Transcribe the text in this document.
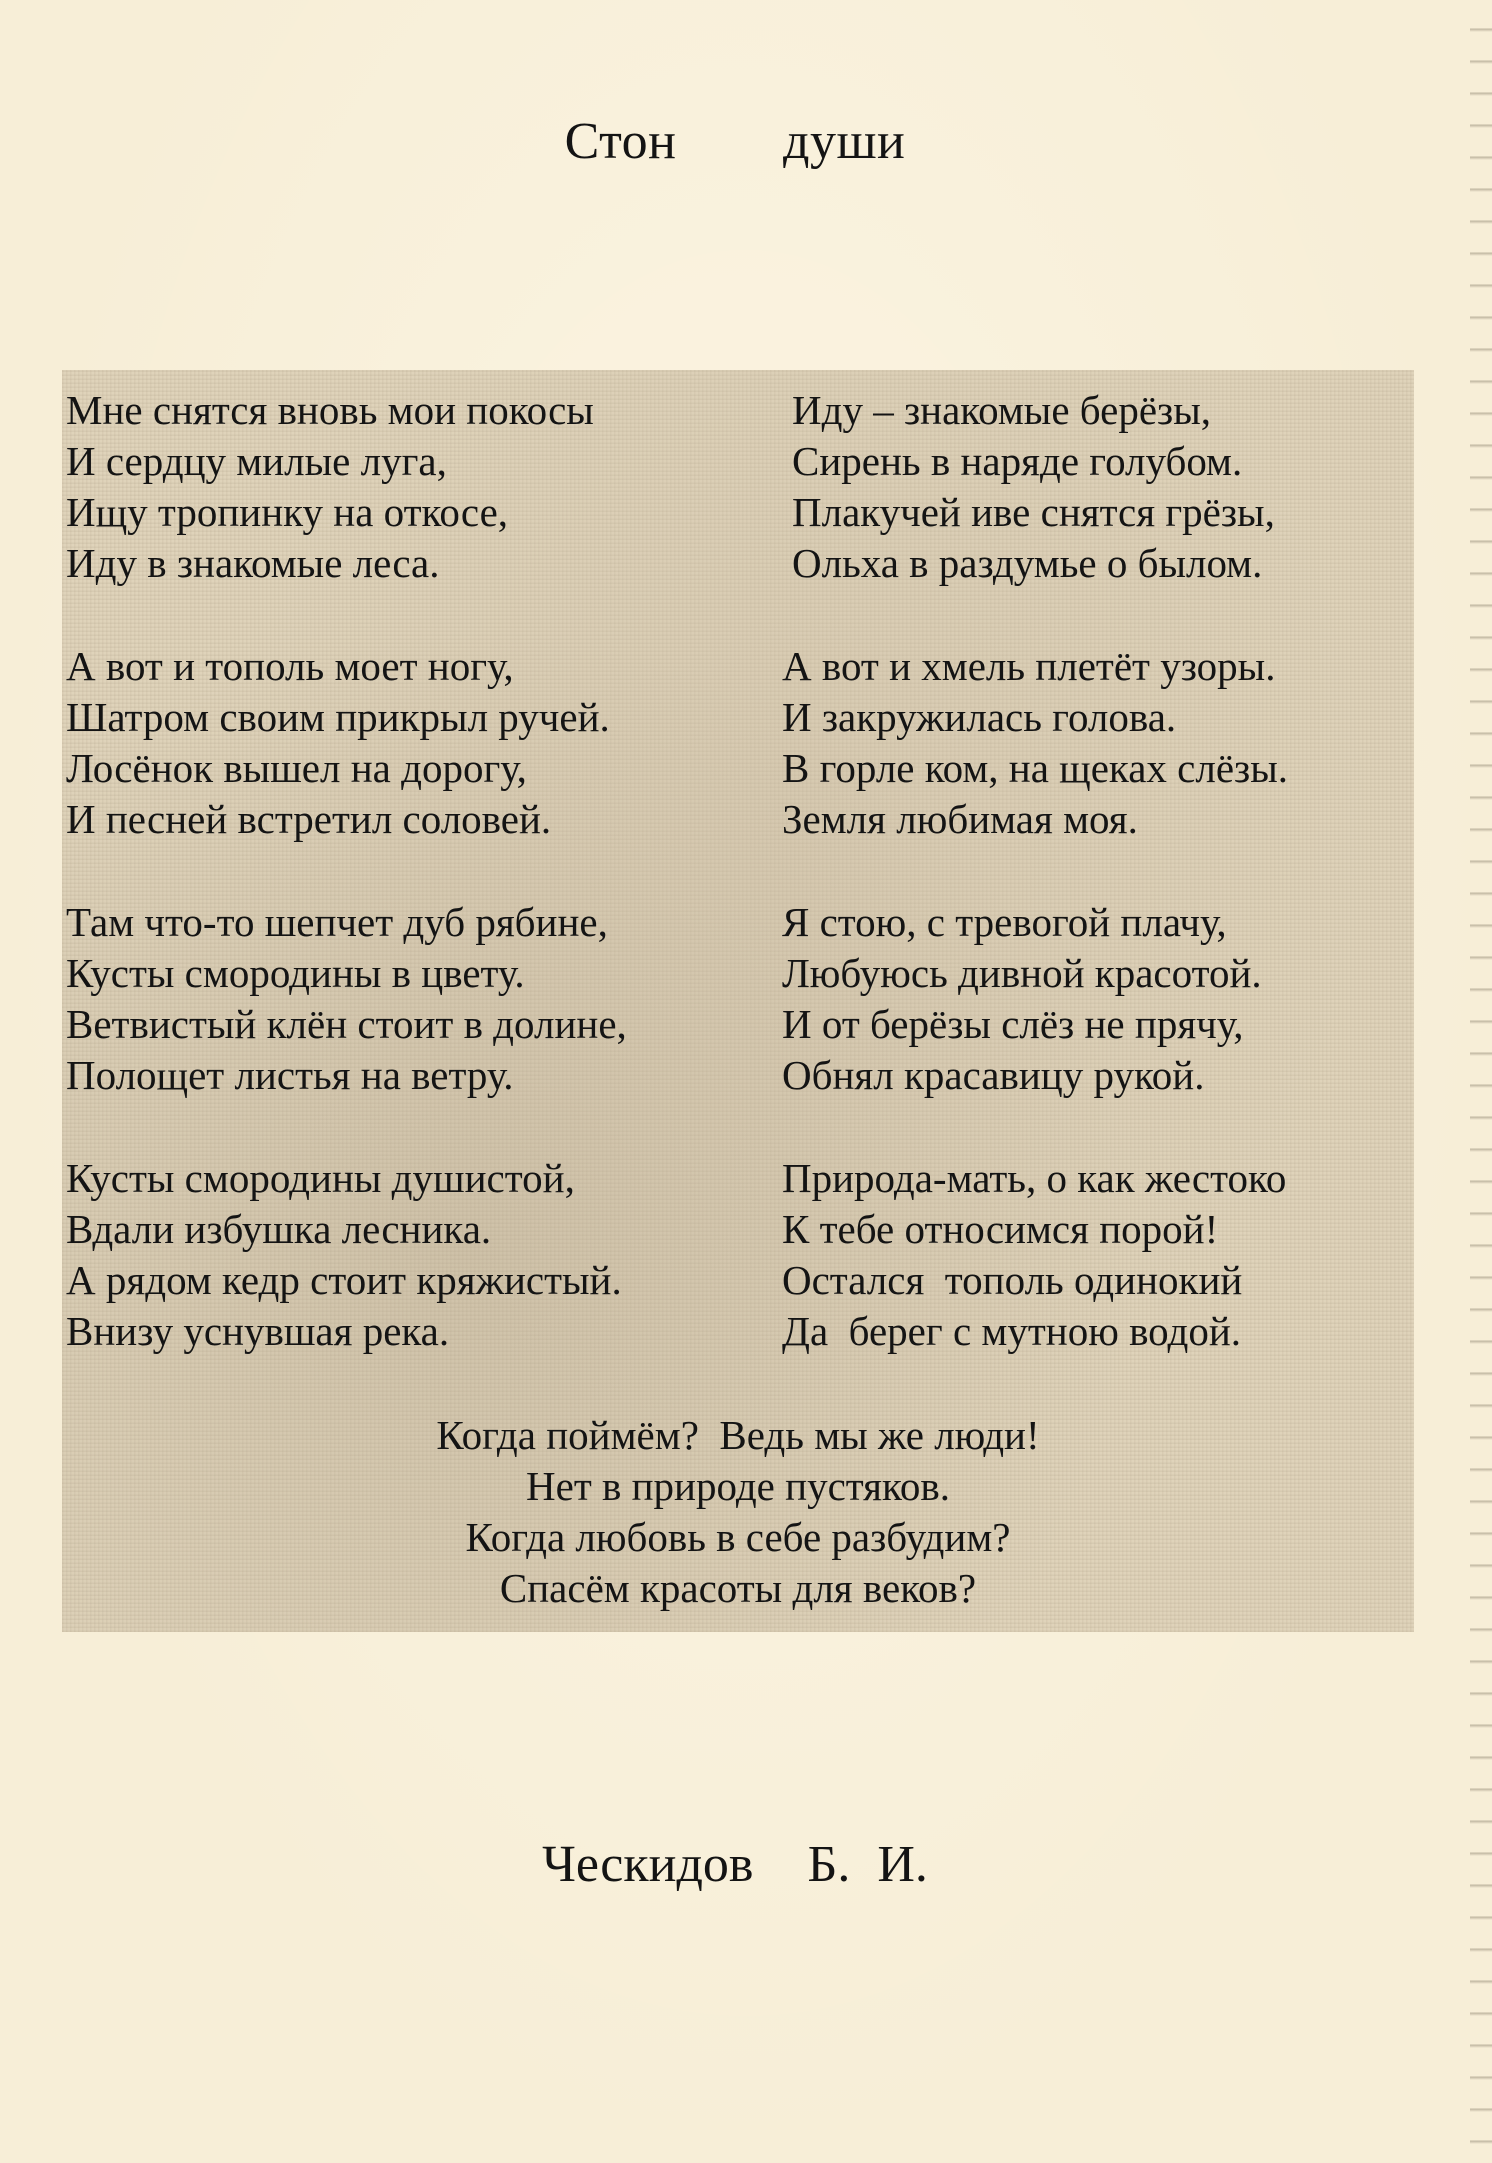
Стон   души
Мне снятся вновь мои покосы
И сердцу милые луга,
Ищу тропинку на откосе,
Иду в знакомые леса.
А вот и тополь моет ногу,
Шатром своим прикрыл ручей.
Лосёнок вышел на дорогу,
И песней встретил соловей.
Там что-то шепчет дуб рябине,
Кусты смородины в цвету.
Ветвистый клён стоит в долине,
Полощет листья на ветру.
Кусты смородины душистой,
Вдали избушка лесника.
А рядом кедр стоит кряжистый.
Внизу уснувшая река.
Иду – знакомые берёзы,
Сирень в наряде голубом.
Плакучей иве снятся грёзы,
Ольха в раздумье о былом.
А вот и хмель плетёт узоры.
И закружилась голова.
В горле ком, на щеках слёзы.
Земля любимая моя.
Я стою, с тревогой плачу,
Любуюсь дивной красотой.
И от берёзы слёз не прячу,
Обнял красавицу рукой.
Природа-мать, о как жестоко
К тебе относимся порой!
Остался  тополь одинокий
Да  берег с мутною водой.
Когда поймём?  Ведь мы же люди!
Нет в природе пустяков.
Когда любовь в себе разбудим?
Спасём красоты для веков?
Ческидов  Б. И.
